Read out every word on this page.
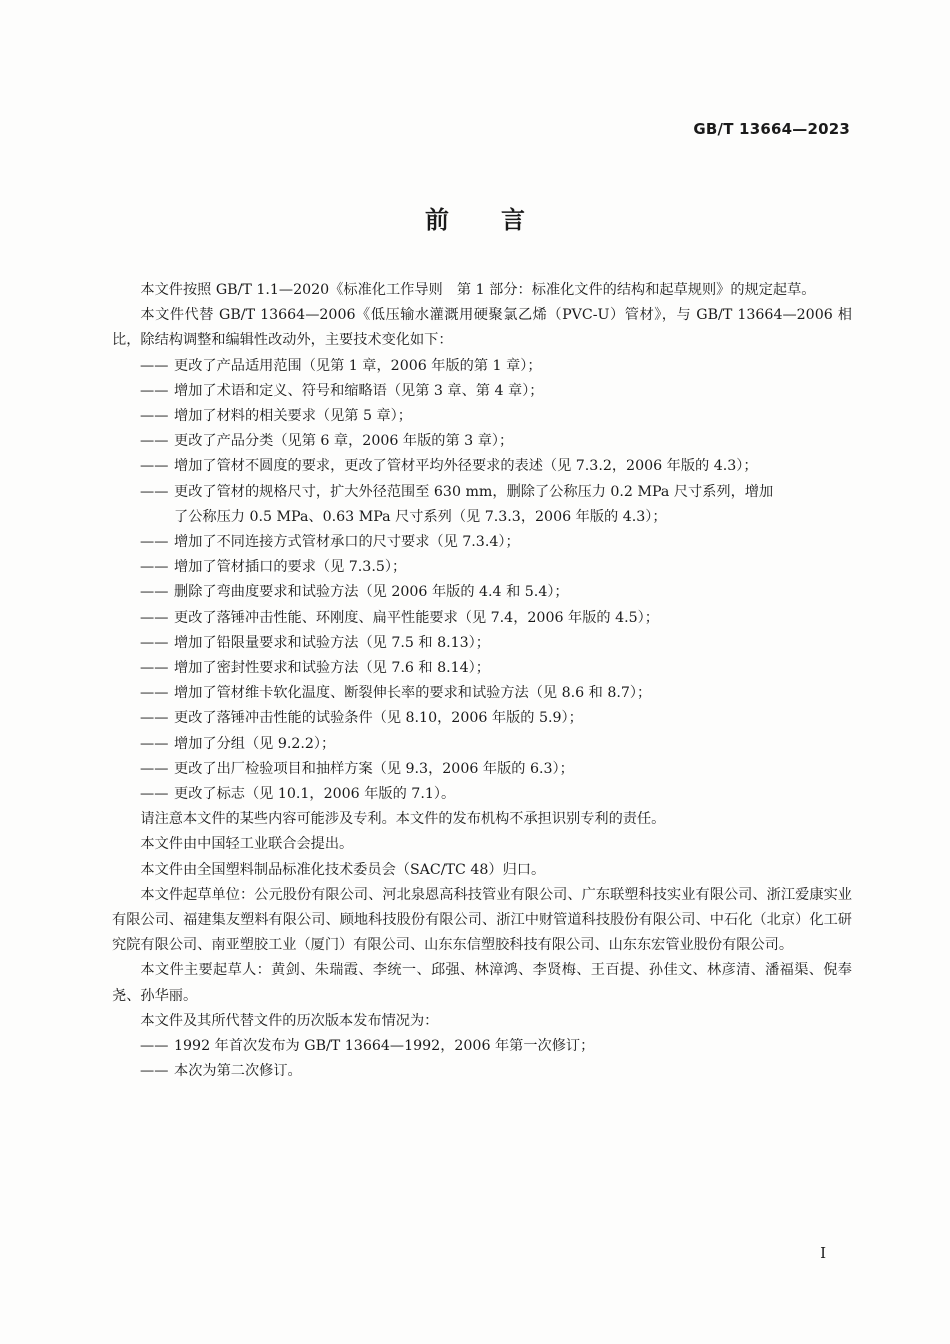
GB/T 13664—2023
前言

本文件按照 GB/T 1.1—2020《标准化工作导则　第 1 部分：标准化文件的结构和起草规则》的规定起草。

本文件代替 GB/T 13664—2006《低压输水灌溉用硬聚氯乙烯（PVC-U）管材》，与 GB/T 13664—2006 相比，除结构调整和编辑性改动外，主要技术变化如下：

—— 更改了产品适用范围（见第 1 章，2006 年版的第 1 章）；
—— 增加了术语和定义、符号和缩略语（见第 3 章、第 4 章）；
—— 增加了材料的相关要求（见第 5 章）；
—— 更改了产品分类（见第 6 章，2006 年版的第 3 章）；
—— 增加了管材不圆度的要求，更改了管材平均外径要求的表述（见 7.3.2，2006 年版的 4.3）；
—— 更改了管材的规格尺寸，扩大外径范围至 630 mm，删除了公称压力 0.2 MPa 尺寸系列，增加
了公称压力 0.5 MPa、0.63 MPa 尺寸系列（见 7.3.3，2006 年版的 4.3）；
—— 增加了不同连接方式管材承口的尺寸要求（见 7.3.4）；
—— 增加了管材插口的要求（见 7.3.5）；
—— 删除了弯曲度要求和试验方法（见 2006 年版的 4.4 和 5.4）；
—— 更改了落锤冲击性能、环刚度、扁平性能要求（见 7.4，2006 年版的 4.5）；
—— 增加了铅限量要求和试验方法（见 7.5 和 8.13）；
—— 增加了密封性要求和试验方法（见 7.6 和 8.14）；
—— 增加了管材维卡软化温度、断裂伸长率的要求和试验方法（见 8.6 和 8.7）；
—— 更改了落锤冲击性能的试验条件（见 8.10，2006 年版的 5.9）；
—— 增加了分组（见 9.2.2）；
—— 更改了出厂检验项目和抽样方案（见 9.3，2006 年版的 6.3）；
—— 更改了标志（见 10.1，2006 年版的 7.1）。

请注意本文件的某些内容可能涉及专利。本文件的发布机构不承担识别专利的责任。

本文件由中国轻工业联合会提出。

本文件由全国塑料制品标准化技术委员会（SAC/TC 48）归口。

本文件起草单位：公元股份有限公司、河北泉恩高科技管业有限公司、广东联塑科技实业有限公司、浙江爱康实业有限公司、福建集友塑料有限公司、顾地科技股份有限公司、浙江中财管道科技股份有限公司、中石化（北京）化工研究院有限公司、南亚塑胶工业（厦门）有限公司、山东东信塑胶科技有限公司、山东东宏管业股份有限公司。

本文件主要起草人：黄剑、朱瑞霞、李统一、邱强、林漳鸿、李贤梅、王百提、孙佳文、林彦清、潘福渠、倪奉尧、孙华丽。

本文件及其所代替文件的历次版本发布情况为：

—— 1992 年首次发布为 GB/T 13664—1992，2006 年第一次修订；
—— 本次为第二次修订。
I
